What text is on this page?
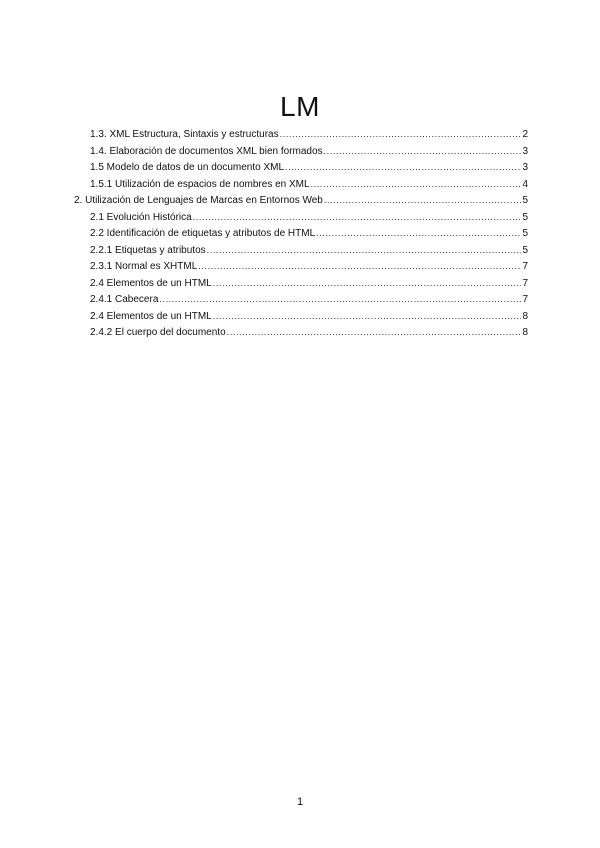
LM
1.3. XML Estructura, Sintaxis y estructuras .....	2
1.4. Elaboración de documentos XML bien formados .....	3
1.5 Modelo de datos de un documento XML .....	3
1.5.1 Utilización de espacios de nombres en XML .....	4
2. Utilización de Lenguajes de Marcas en Entornos Web .....	5
2.1 Evolución Histórica .....	5
2.2 Identificación de etiquetas y atributos de HTML .....	5
2.2.1 Etiquetas y atributos .....	5
2.3.1 Normal es XHTML .....	7
2.4 Elementos de un HTML .....	7
2.4.1 Cabecera .....	7
2.4 Elementos de un HTML .....	8
2.4.2 El cuerpo del documento .....	8
1
